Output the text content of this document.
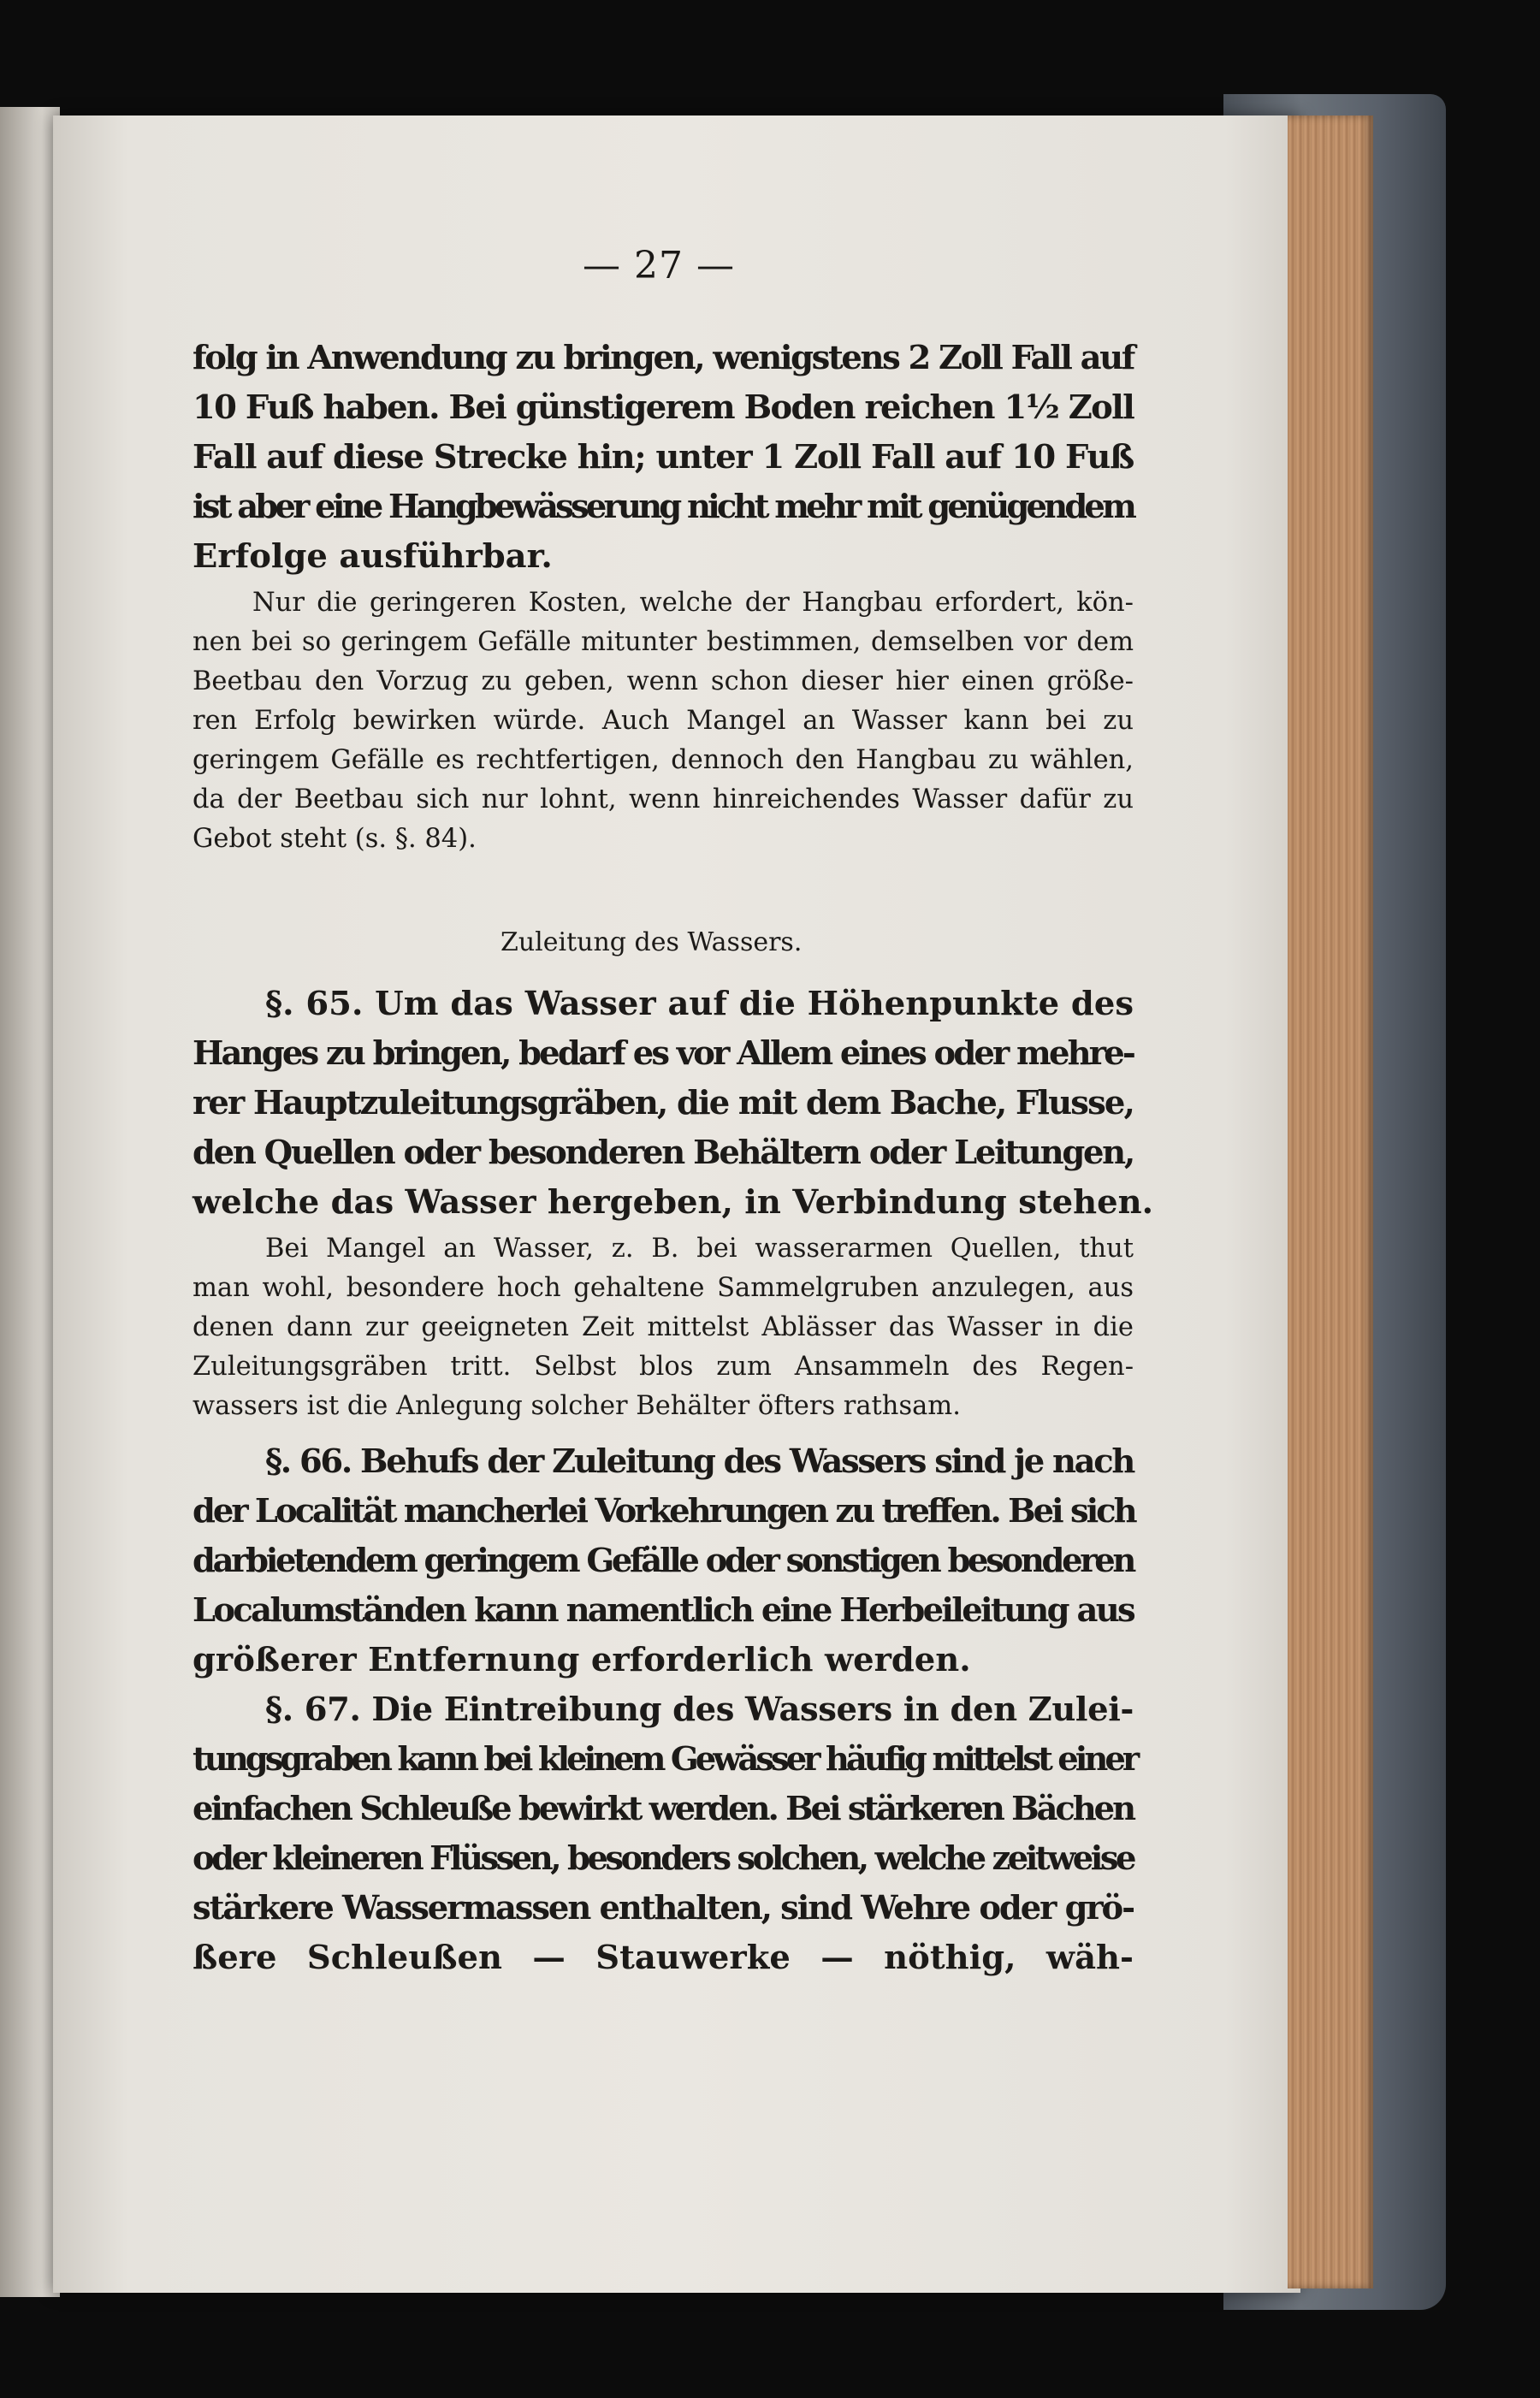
— 27 —
folg in Anwendung zu bringen, wenigstens 2 Zoll Fall auf
10 Fuß haben. Bei günstigerem Boden reichen 1½ Zoll
Fall auf diese Strecke hin; unter 1 Zoll Fall auf 10 Fuß
ist aber eine Hangbewässerung nicht mehr mit genügendem
Erfolge ausführbar.
Nur die geringeren Kosten, welche der Hangbau erfordert, kön-
nen bei so geringem Gefälle mitunter bestimmen, demselben vor dem
Beetbau den Vorzug zu geben, wenn schon dieser hier einen größe-
ren Erfolg bewirken würde. Auch Mangel an Wasser kann bei zu
geringem Gefälle es rechtfertigen, dennoch den Hangbau zu wählen,
da der Beetbau sich nur lohnt, wenn hinreichendes Wasser dafür zu
Gebot steht (s. §. 84).
Zuleitung des Wassers.
§. 65. Um das Wasser auf die Höhenpunkte des
Hanges zu bringen, bedarf es vor Allem eines oder mehre-
rer Hauptzuleitungsgräben, die mit dem Bache, Flusse,
den Quellen oder besonderen Behältern oder Leitungen,
welche das Wasser hergeben, in Verbindung stehen.
Bei Mangel an Wasser, z. B. bei wasserarmen Quellen, thut
man wohl, besondere hoch gehaltene Sammelgruben anzulegen, aus
denen dann zur geeigneten Zeit mittelst Ablässer das Wasser in die
Zuleitungsgräben tritt. Selbst blos zum Ansammeln des Regen-
wassers ist die Anlegung solcher Behälter öfters rathsam.
§. 66. Behufs der Zuleitung des Wassers sind je nach
der Localität mancherlei Vorkehrungen zu treffen. Bei sich
darbietendem geringem Gefälle oder sonstigen besonderen
Localumständen kann namentlich eine Herbeileitung aus
größerer Entfernung erforderlich werden.
§. 67. Die Eintreibung des Wassers in den Zulei-
tungsgraben kann bei kleinem Gewässer häufig mittelst einer
einfachen Schleuße bewirkt werden. Bei stärkeren Bächen
oder kleineren Flüssen, besonders solchen, welche zeitweise
stärkere Wassermassen enthalten, sind Wehre oder grö-
ßere Schleußen — Stauwerke — nöthig, wäh-
